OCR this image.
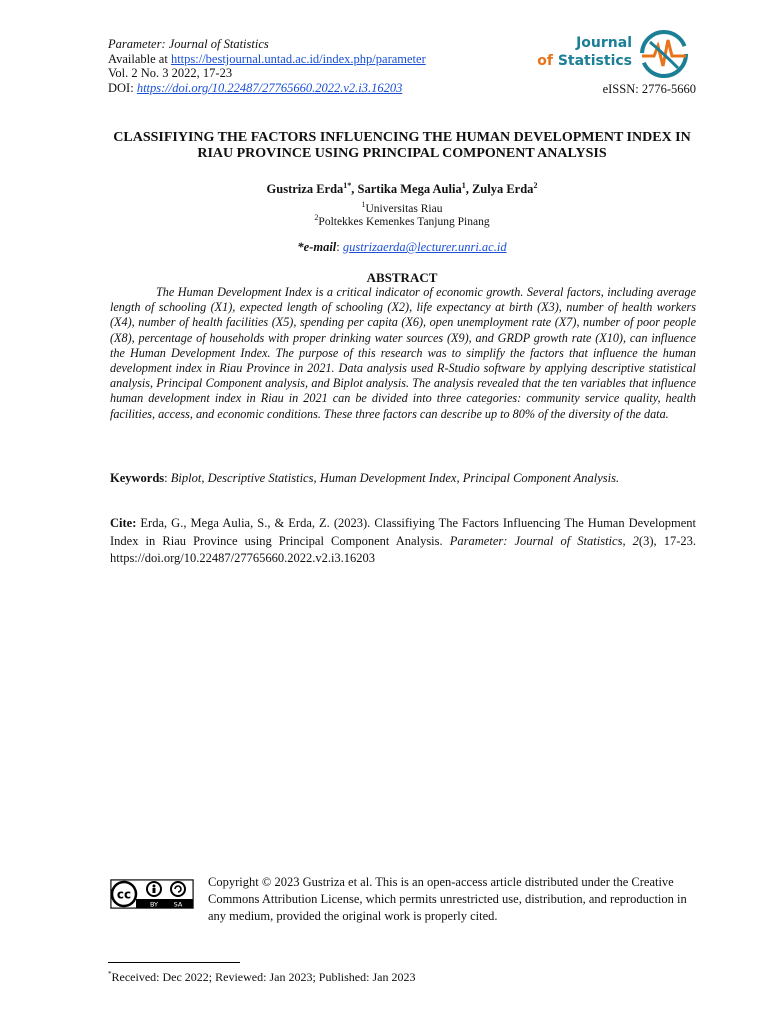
Parameter: Journal of Statistics
Available at https://bestjournal.untad.ac.id/index.php/parameter
Vol. 2 No. 3 2022, 17-23
DOI: https://doi.org/10.22487/27765660.2022.v2.i3.16203
Journal
of Statistics
eISSN: 2776-5660
CLASSIFIYING THE FACTORS INFLUENCING THE HUMAN DEVELOPMENT INDEX IN RIAU PROVINCE USING PRINCIPAL COMPONENT ANALYSIS
Gustriza Erda$^{1*}$, Sartika Mega Aulia$^1$, Zulya Erda$^2$
$^1$Universitas Riau
$^2$Poltekkes Kemenkes Tanjung Pinang
*e-mail: gustrizaerda@lecturer.unri.ac.id
ABSTRACT

The Human Development Index is a critical indicator of economic growth. Several factors, including average length of schooling (X1), expected length of schooling (X2), life expectancy at birth (X3), number of health workers (X4), number of health facilities (X5), spending per capita (X6), open unemployment rate (X7), number of poor people (X8), percentage of households with proper drinking water sources (X9), and GRDP growth rate (X10), can influence the Human Development Index. The purpose of this research was to simplify the factors that influence the human development index in Riau Province in 2021. Data analysis used R-Studio software by applying descriptive statistical analysis, Principal Component analysis, and Biplot analysis. The analysis revealed that the ten variables that influence human development index in Riau in 2021 can be divided into three categories: community service quality, health facilities, access, and economic conditions. These three factors can describe up to 80% of the diversity of the data.

Keywords: Biplot, Descriptive Statistics, Human Development Index, Principal Component Analysis.

Cite: Erda, G., Mega Aulia, S., & Erda, Z. (2023). Classifiying The Factors Influencing The Human Development Index in Riau Province using Principal Component Analysis. Parameter: Journal of Statistics, 2(3), 17-23. https://doi.org/10.22487/27765660.2022.v2.i3.16203

cc
BY SA

Copyright © 2023 Gustriza et al. This is an open-access article distributed under the Creative Commons Attribution License, which permits unrestricted use, distribution, and reproduction in any medium, provided the original work is properly cited.

*Received: Dec 2022; Reviewed: Jan 2023; Published: Jan 2023
